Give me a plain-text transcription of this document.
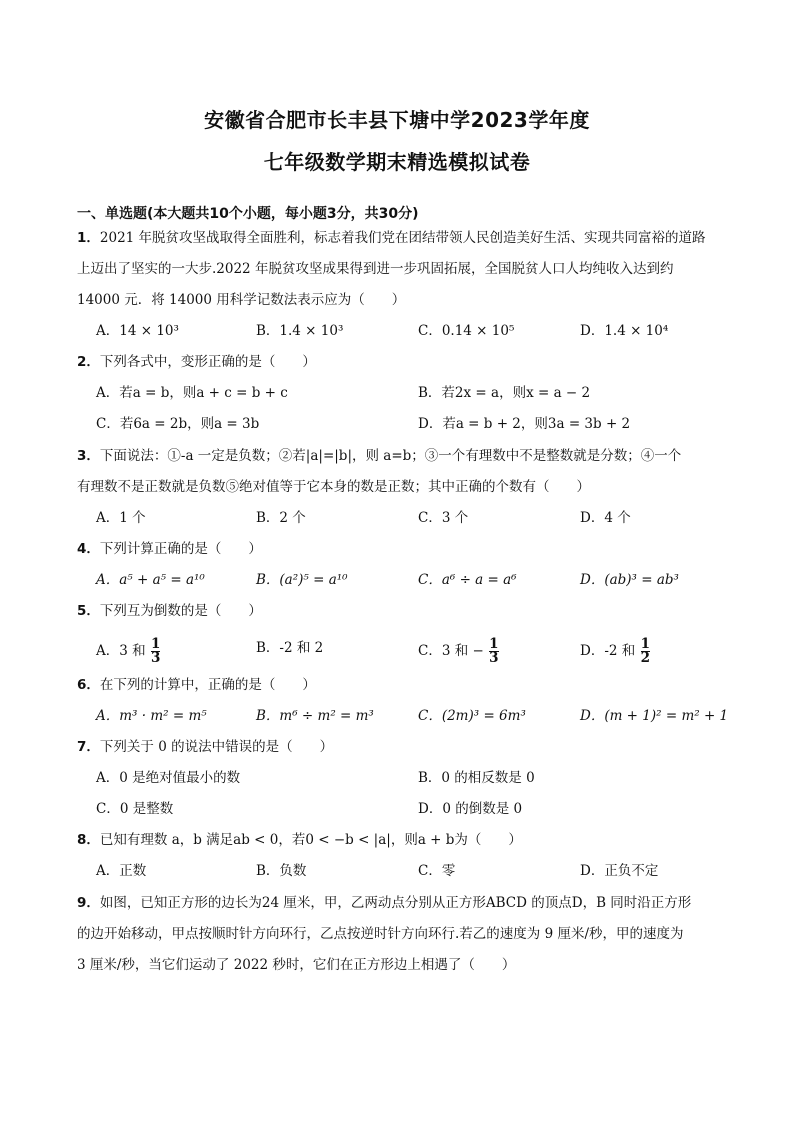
安徽省合肥市长丰县下塘中学2023学年度
七年级数学期末精选模拟试卷
一、单选题(本大题共10个小题，每小题3分，共30分)
1．2021 年脱贫攻坚战取得全面胜利，标志着我们党在团结带领人民创造美好生活、实现共同富裕的道路
上迈出了坚实的一大步.2022 年脱贫攻坚成果得到进一步巩固拓展，全国脱贫人口人均纯收入达到约
14000 元．将 14000 用科学记数法表示应为（　　）
A．14 × 10³	B．1.4 × 10³	C．0.14 × 10⁵	D．1.4 × 10⁴
2．下列各式中，变形正确的是（　　）
A．若a = b，则a + c = b + c	B．若2x = a，则x = a − 2
C．若6a = 2b，则a = 3b	D．若a = b + 2，则3a = 3b + 2
3．下面说法：①-a 一定是负数；②若|a|=|b|，则 a=b；③一个有理数中不是整数就是分数；④一个
有理数不是正数就是负数⑤绝对值等于它本身的数是正数；其中正确的个数有（　　）
A．1 个	B．2 个	C．3 个	D．4 个
4．下列计算正确的是（　　）
A．a⁵ + a⁵ = a¹⁰	B．(a²)⁵ = a¹⁰	C．a⁶ ÷ a = a⁶	D．(ab)³ = ab³
5．下列互为倒数的是（　　）
A．3 和 $\frac{1}{3}$	B．-2 和 2	C．3 和 − $\frac{1}{3}$	D．-2 和 $\frac{1}{2}$
6．在下列的计算中，正确的是（　　）
A．m³ · m² = m⁵	B．m⁶ ÷ m² = m³	C．(2m)³ = 6m³	D．(m + 1)² = m² + 1
7．下列关于 0 的说法中错误的是（　　）
A．0 是绝对值最小的数	B．0 的相反数是 0
C．0 是整数	D．0 的倒数是 0
8．已知有理数 a，b 满足ab < 0，若0 < −b < |a|，则a + b为（　　）
A．正数	B．负数	C．零	D．正负不定
9．如图，已知正方形的边长为24 厘米，甲，乙两动点分别从正方形ABCD 的顶点D，B 同时沿正方形
的边开始移动，甲点按顺时针方向环行，乙点按逆时针方向环行.若乙的速度为 9 厘米/秒，甲的速度为
3 厘米/秒，当它们运动了 2022 秒时，它们在正方形边上相遇了（　　）
